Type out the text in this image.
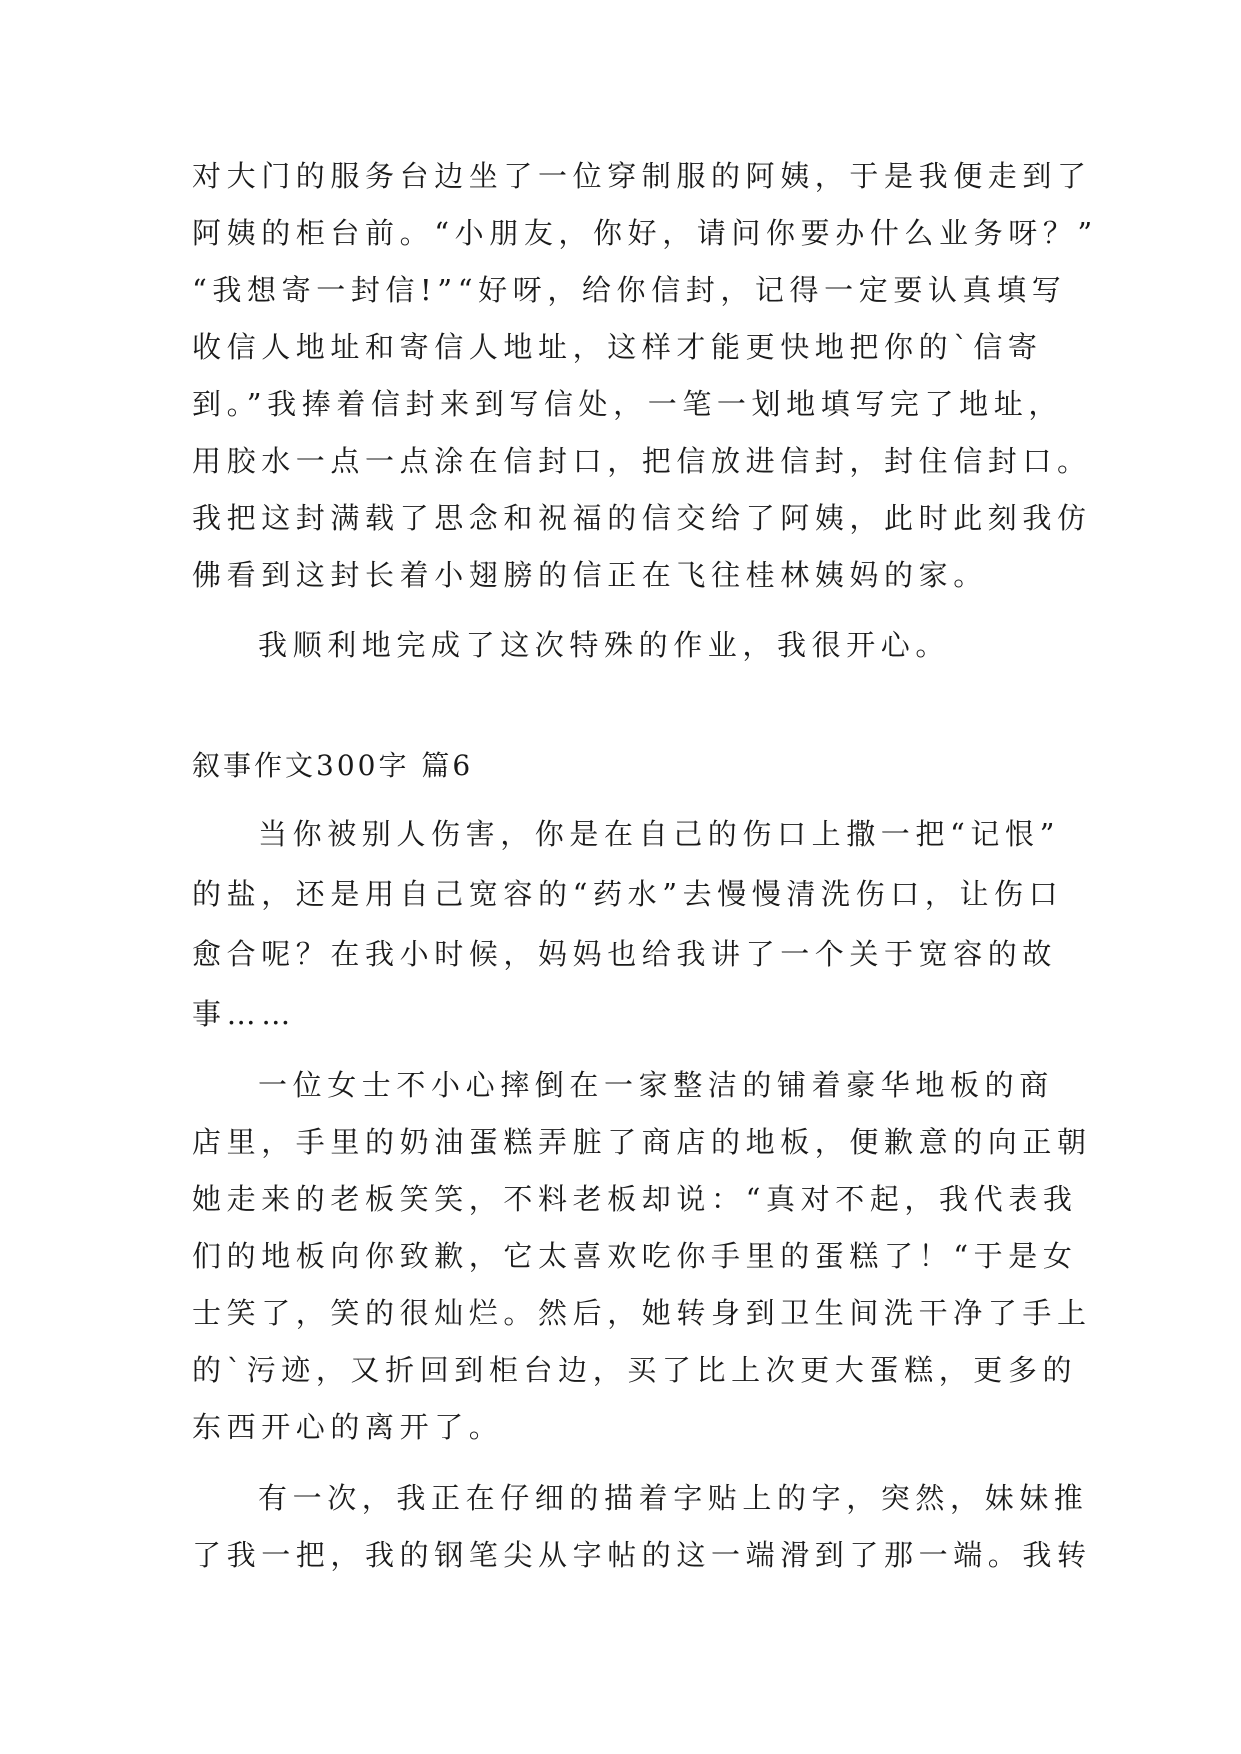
对大门的服务台边坐了一位穿制服的阿姨，于是我便走到了
阿姨的柜台前。“小朋友，你好，请问你要办什么业务呀？”
“我想寄一封信!”“好呀，给你信封，记得一定要认真填写
收信人地址和寄信人地址，这样才能更快地把你的`信寄
到。”我捧着信封来到写信处，一笔一划地填写完了地址，
用胶水一点一点涂在信封口，把信放进信封，封住信封口。
我把这封满载了思念和祝福的信交给了阿姨，此时此刻我仿
佛看到这封长着小翅膀的信正在飞往桂林姨妈的家。
我顺利地完成了这次特殊的作业，我很开心。
叙事作文300字 篇6
当你被别人伤害，你是在自己的伤口上撒一把“记恨”
的盐，还是用自己宽容的“药水”去慢慢清洗伤口，让伤口
愈合呢？在我小时候，妈妈也给我讲了一个关于宽容的故
事……
一位女士不小心摔倒在一家整洁的铺着豪华地板的商
店里，手里的奶油蛋糕弄脏了商店的地板，便歉意的向正朝
她走来的老板笑笑，不料老板却说：“真对不起，我代表我
们的地板向你致歉，它太喜欢吃你手里的蛋糕了！“于是女
士笑了，笑的很灿烂。然后，她转身到卫生间洗干净了手上
的`污迹，又折回到柜台边，买了比上次更大蛋糕，更多的
东西开心的离开了。
有一次，我正在仔细的描着字贴上的字，突然，妹妹推
了我一把，我的钢笔尖从字帖的这一端滑到了那一端。我转
